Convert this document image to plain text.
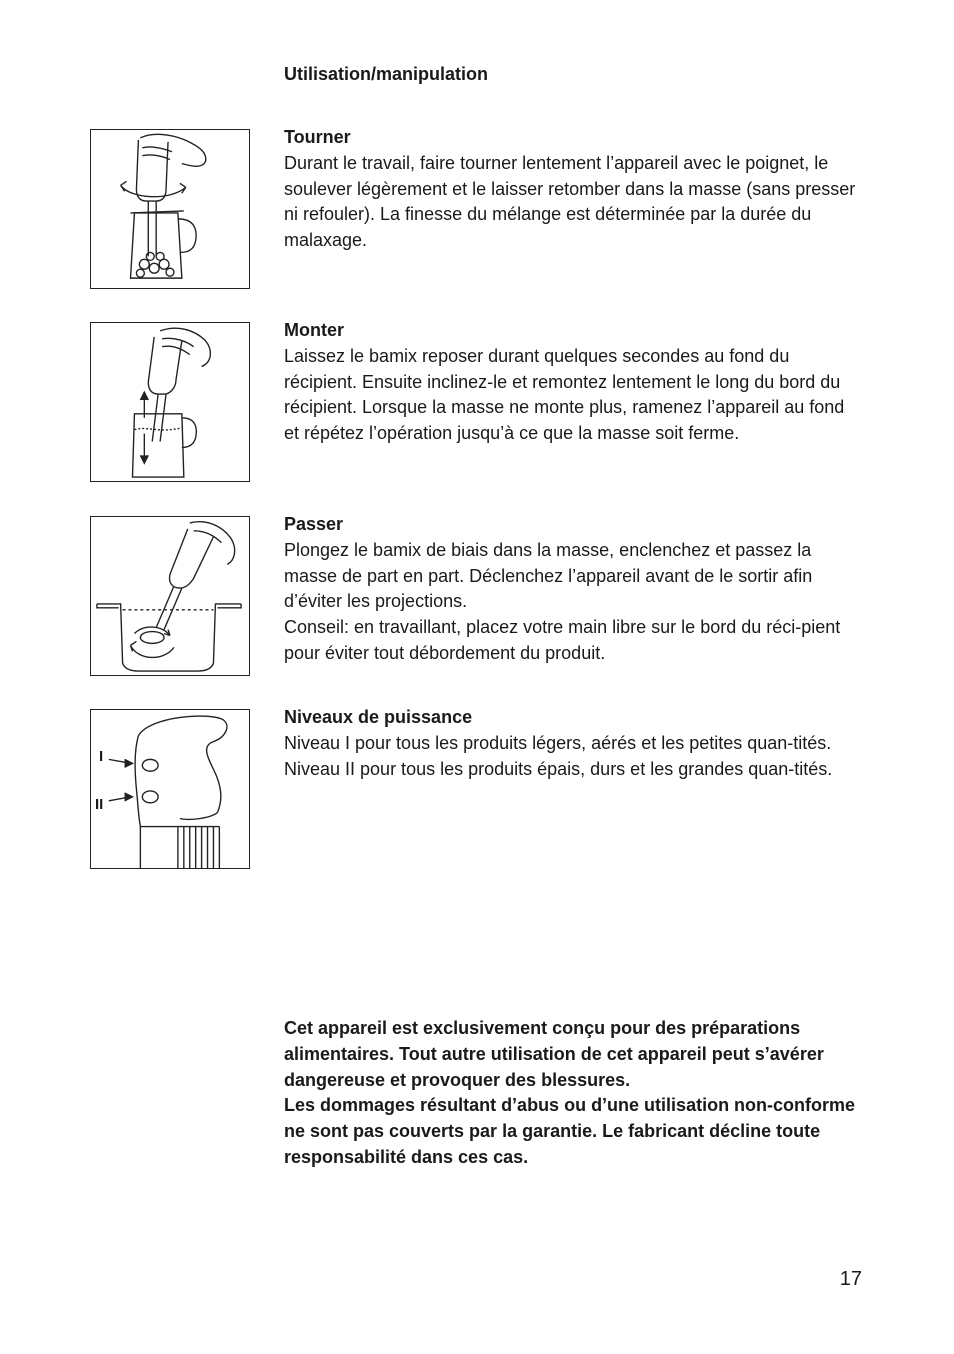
Utilisation/manipulation
Tourner

Durant le travail, faire tourner lentement l’appareil avec le poignet, le soulever légèrement et le laisser retomber dans la masse (sans presser ni refouler). La finesse du mélange est déterminée par la durée du malaxage.

Monter

Laissez le bamix reposer durant quelques secondes au fond du récipient. Ensuite inclinez-le et remontez lentement le long du bord du récipient. Lorsque la masse ne monte plus, ramenez l’appareil au fond et répétez l’opération jusqu’à ce que la masse soit ferme.

Passer

Plongez le bamix de biais dans la masse, enclenchez et passez la masse de part en part. Déclenchez l’appareil avant de le sortir afin d’éviter les projections.

Conseil: en travaillant, placez votre main libre sur le bord du réci-pient pour éviter tout débordement du produit.

I
II
Niveaux de puissance

Niveau I pour tous les produits légers, aérés et les petites quan-tités.

Niveau II pour tous les produits épais, durs et les grandes quan-tités.

Cet appareil est exclusivement conçu pour des préparations alimentaires. Tout autre utilisation de cet appareil peut s’avérer dangereuse et provoquer des blessures.

Les dommages résultant d’abus ou d’une utilisation non-conforme ne sont pas couverts par la garantie. Le fabricant décline toute responsabilité dans ces cas.

17
